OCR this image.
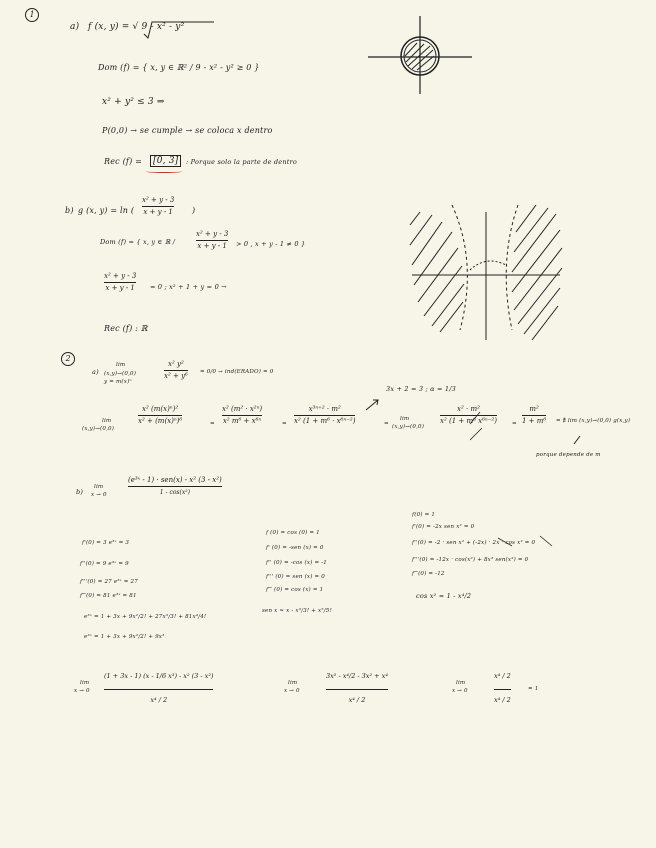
1
a) f (x, y) = √ 9 - x² - y²
Dom (f) = { x, y ∈ ℝ² / 9 - x² - y² ≥ 0 }
x² + y² ≤ 3 ⇒
P(0,0) → se cumple → se coloca x dentro
Rec (f) =	[0, 3]	: Porque solo la parte de dentro
b) g (x, y) = ln (
x² + y - 3
x + y - 1 )
Dom (f) = { x, y ∈ ℝ /
x² + y - 3
x + y - 1 > 0 , x + y - 1 ≠ 0 }
x² + y - 3
x + y - 1 = 0 ; x² + 1 + y = 0 →
Rec (f) : ℝ
2
a)
lim
(x,y)→(0,0)
y = m(x)ⁿ
x² y²
x² + y⁶ = 0/0 → ind(ERADO) = 0
3x + 2 = 3 ; α = 1/3
lim
(x,y)→(0,0)
x² (m(x)ⁿ)²
x² + (m(x)ⁿ)⁶	=
x² (m² · x²ⁿ)
x² m⁶ + x⁶ⁿ	=
x³ⁿ⁺² · m²
x² (1 + m⁶ · x⁶ⁿ⁻²)	=
lim
(x,y)→(0,0)
x² · m²
x² (1 + m⁶ x⁶ⁿ⁻²)	=
m²
1 + m⁶ = ∄ lim (x,y)→(0,0) g(x,y)
porque depende de m
b)
lim
x → 0
(e³ˣ - 1) · sen(x) - x² (3 - x²)
1 - cos(x²)
f'(0) = 3 e³ˣ = 3
f''(0) = 9 e³ˣ = 9
f'''(0) = 27 e³ˣ = 27
f⁗(0) = 81 e³ˣ = 81
e³ˣ = 1 + 3x + 9x²/2! + 27x³/3! + 81x⁴/4!
e³ˣ = 1 + 3x + 9x²/2! + 9x³
f (0) = cos (0) = 1
f' (0) = -sen (x) = 0
f'' (0) = -cos (x) = -1
f''' (0) = sen (x) = 0
f⁗ (0) = cos (x) = 1
sen x ≈ x - x³/3! + x⁵/5!
f(0) = 1
f'(0) = -2x sen x² = 0
f''(0) = -2 · sen x² + (-2x) · 2x · cos x² = 0
f'''(0) = -12x · cos(x²) + 8x³ sen(x²) = 0
f⁗(0) = -12
cos x² ≈ 1 - x⁴/2
lim
x → 0
(1 + 3x - 1) (x - 1/6 x³) - x² (3 - x²)
x⁴ / 2
lim
x → 0
3x² - x⁴/2 - 3x² + x⁴
x⁴ / 2
lim
x → 0
x⁴ / 2
x⁴ / 2
= 1
